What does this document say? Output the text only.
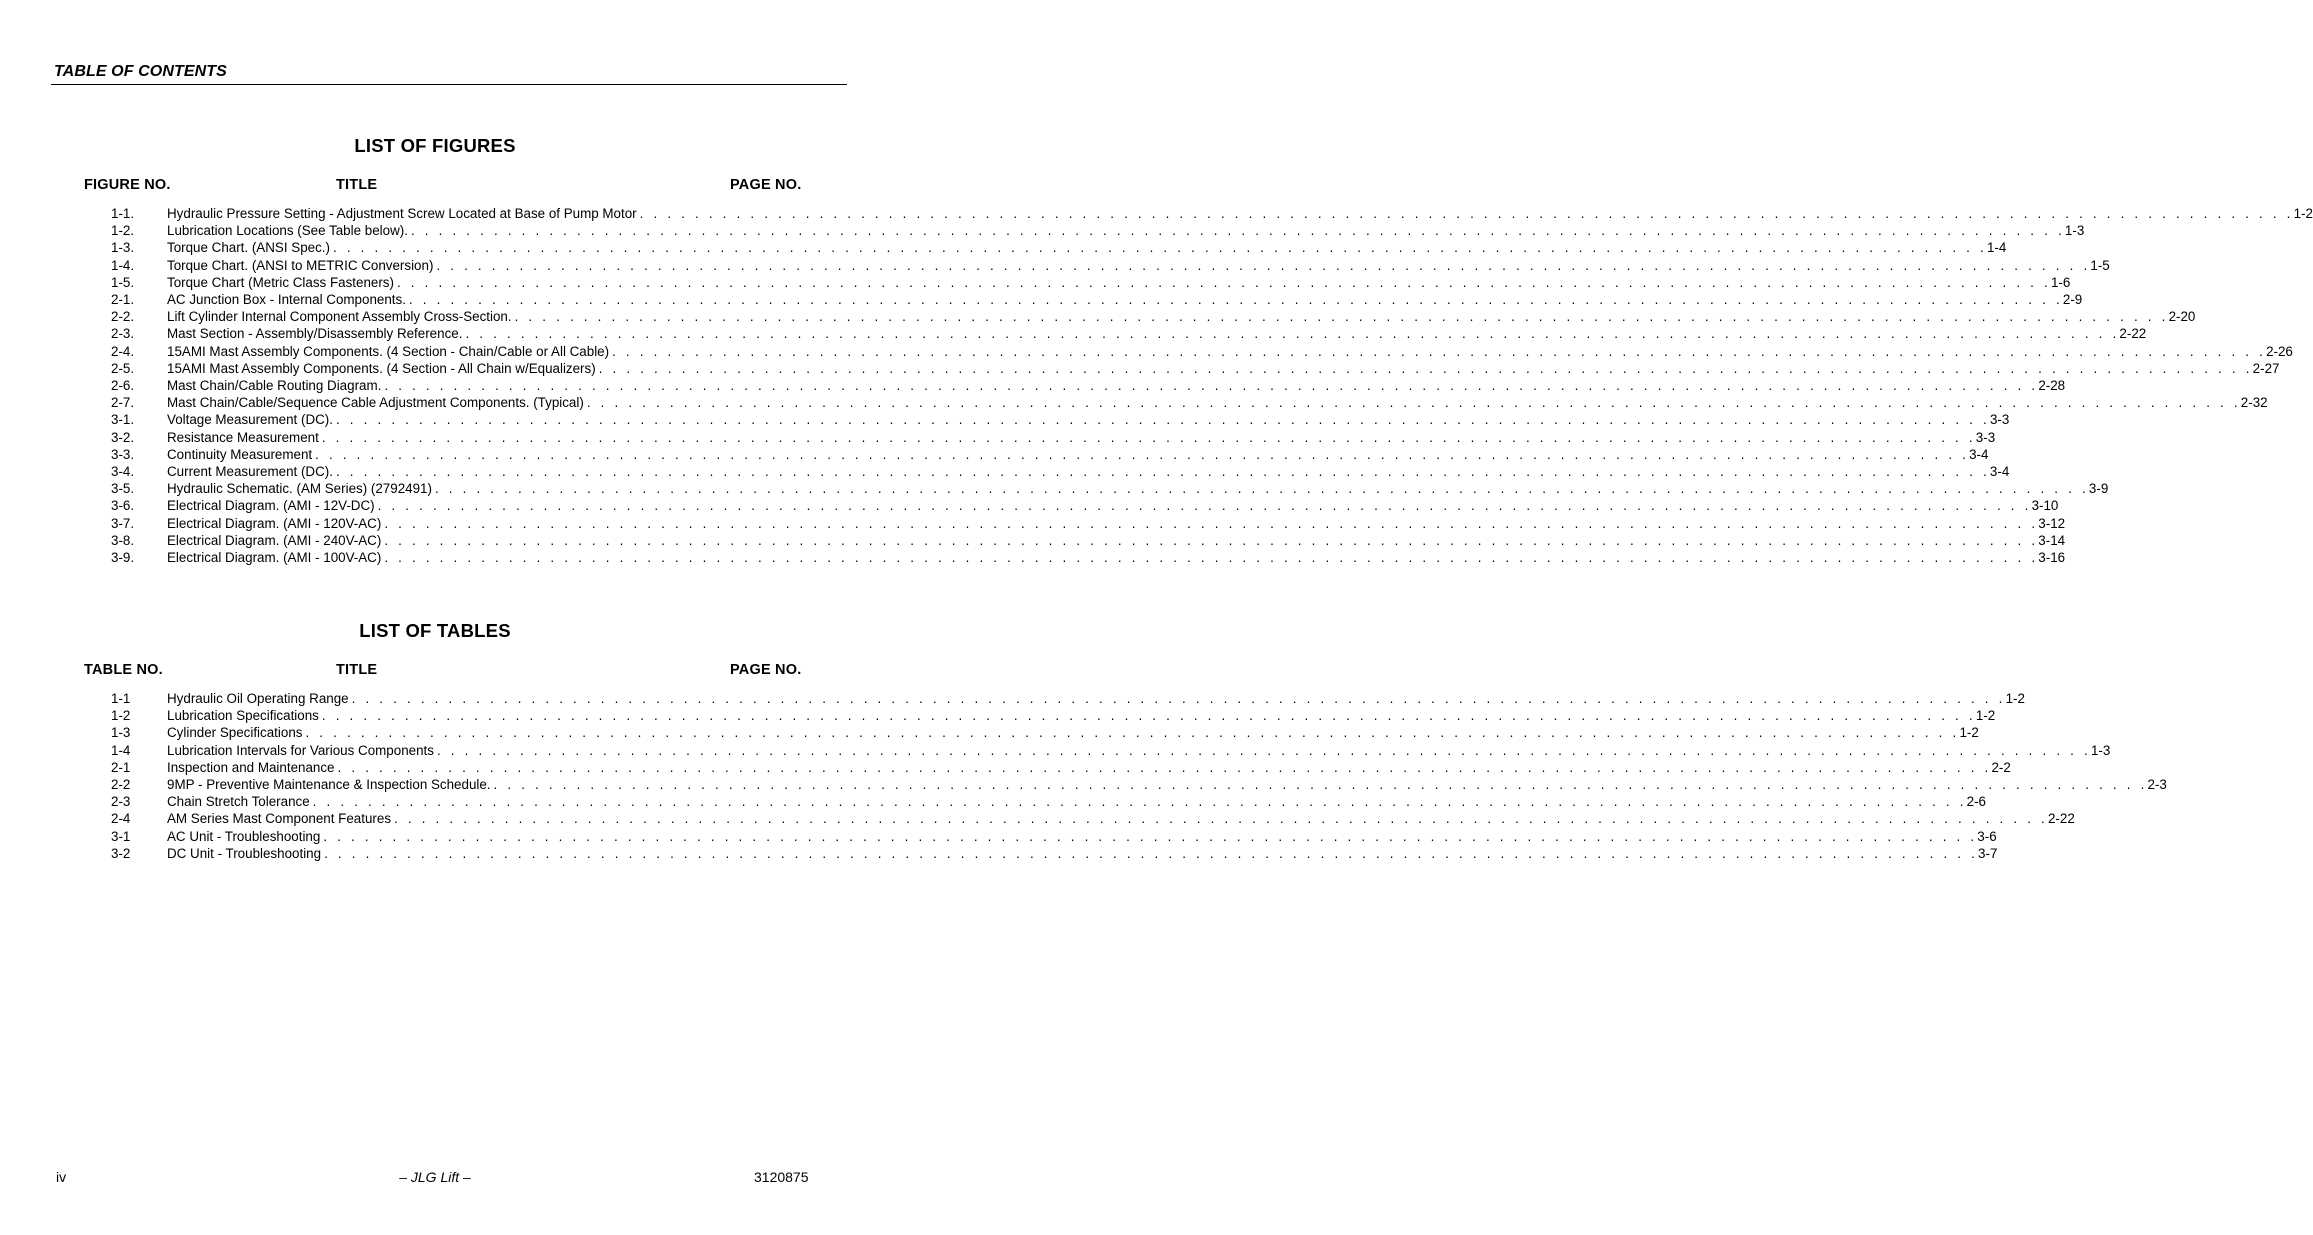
TABLE OF CONTENTS
LIST OF FIGURES
FIGURE NO.	TITLE	PAGE NO.
1-1. Hydraulic Pressure Setting - Adjustment Screw Located at Base of Pump Motor . . . . . . . . . . . . . . . . . . . . . . . . . . . . . . . . . . . . . . . . . . . . . . . . . . . . . . . . . . . . . . . . . . . . . . . . . . . . . . . . . . . . . . . . . . . . . . . . . . . . . . . . . . . . . . . . . . . . . . . . 1-2
1-2. Lubrication Locations (See Table below). . . . . . . . . . . . . . . . . . . . . . . . . . . . . . . . . . . . . . . . . . . . . . . . . . . . . . . . . . . . . . . . . . . . . . . . . . . . . . . . . . . . . . . . . . . . . . . . . . . . . . . . . . . . . . . . . . . . . . . . . 1-3
1-3. Torque Chart. (ANSI Spec.) . . . . . . . . . . . . . . . . . . . . . . . . . . . . . . . . . . . . . . . . . . . . . . . . . . . . . . . . . . . . . . . . . . . . . . . . . . . . . . . . . . . . . . . . . . . . . . . . . . . . . . . . . . . . . . . . . . . . . . . . 1-4
1-4. Torque Chart. (ANSI to METRIC Conversion) . . . . . . . . . . . . . . . . . . . . . . . . . . . . . . . . . . . . . . . . . . . . . . . . . . . . . . . . . . . . . . . . . . . . . . . . . . . . . . . . . . . . . . . . . . . . . . . . . . . . . . . . . . . . . . . . . . . . . . . . 1-5
1-5. Torque Chart (Metric Class Fasteners) . . . . . . . . . . . . . . . . . . . . . . . . . . . . . . . . . . . . . . . . . . . . . . . . . . . . . . . . . . . . . . . . . . . . . . . . . . . . . . . . . . . . . . . . . . . . . . . . . . . . . . . . . . . . . . . . . . . . . . . . 1-6
2-1. AC Junction Box - Internal Components. . . . . . . . . . . . . . . . . . . . . . . . . . . . . . . . . . . . . . . . . . . . . . . . . . . . . . . . . . . . . . . . . . . . . . . . . . . . . . . . . . . . . . . . . . . . . . . . . . . . . . . . . . . . . . . . . . . . . . . . . 2-9
2-2. Lift Cylinder Internal Component Assembly Cross-Section. . . . . . . . . . . . . . . . . . . . . . . . . . . . . . . . . . . . . . . . . . . . . . . . . . . . . . . . . . . . . . . . . . . . . . . . . . . . . . . . . . . . . . . . . . . . . . . . . . . . . . . . . . . . . . . . . . . . . . . . . 2-20
2-3. Mast Section - Assembly/Disassembly Reference. . . . . . . . . . . . . . . . . . . . . . . . . . . . . . . . . . . . . . . . . . . . . . . . . . . . . . . . . . . . . . . . . . . . . . . . . . . . . . . . . . . . . . . . . . . . . . . . . . . . . . . . . . . . . . . . . . . . . . . . . 2-22
2-4. 15AMI Mast Assembly Components. (4 Section - Chain/Cable or All Cable) . . . . . . . . . . . . . . . . . . . . . . . . . . . . . . . . . . . . . . . . . . . . . . . . . . . . . . . . . . . . . . . . . . . . . . . . . . . . . . . . . . . . . . . . . . . . . . . . . . . . . . . . . . . . . . . . . . . . . . . . 2-26
2-5. 15AMI Mast Assembly Components. (4 Section - All Chain w/Equalizers) . . . . . . . . . . . . . . . . . . . . . . . . . . . . . . . . . . . . . . . . . . . . . . . . . . . . . . . . . . . . . . . . . . . . . . . . . . . . . . . . . . . . . . . . . . . . . . . . . . . . . . . . . . . . . . . . . . . . . . . . 2-27
2-6. Mast Chain/Cable Routing Diagram. . . . . . . . . . . . . . . . . . . . . . . . . . . . . . . . . . . . . . . . . . . . . . . . . . . . . . . . . . . . . . . . . . . . . . . . . . . . . . . . . . . . . . . . . . . . . . . . . . . . . . . . . . . . . . . . . . . . . . . . . 2-28
2-7. Mast Chain/Cable/Sequence Cable Adjustment Components. (Typical) . . . . . . . . . . . . . . . . . . . . . . . . . . . . . . . . . . . . . . . . . . . . . . . . . . . . . . . . . . . . . . . . . . . . . . . . . . . . . . . . . . . . . . . . . . . . . . . . . . . . . . . . . . . . . . . . . . . . . . . . 2-32
3-1. Voltage Measurement (DC). . . . . . . . . . . . . . . . . . . . . . . . . . . . . . . . . . . . . . . . . . . . . . . . . . . . . . . . . . . . . . . . . . . . . . . . . . . . . . . . . . . . . . . . . . . . . . . . . . . . . . . . . . . . . . . . . . . . . . . . . 3-3
3-2. Resistance Measurement . . . . . . . . . . . . . . . . . . . . . . . . . . . . . . . . . . . . . . . . . . . . . . . . . . . . . . . . . . . . . . . . . . . . . . . . . . . . . . . . . . . . . . . . . . . . . . . . . . . . . . . . . . . . . . . . . . . . . . . . 3-3
3-3. Continuity Measurement . . . . . . . . . . . . . . . . . . . . . . . . . . . . . . . . . . . . . . . . . . . . . . . . . . . . . . . . . . . . . . . . . . . . . . . . . . . . . . . . . . . . . . . . . . . . . . . . . . . . . . . . . . . . . . . . . . . . . . . . 3-4
3-4. Current Measurement (DC). . . . . . . . . . . . . . . . . . . . . . . . . . . . . . . . . . . . . . . . . . . . . . . . . . . . . . . . . . . . . . . . . . . . . . . . . . . . . . . . . . . . . . . . . . . . . . . . . . . . . . . . . . . . . . . . . . . . . . . . . 3-4
3-5. Hydraulic Schematic. (AM Series) (2792491) . . . . . . . . . . . . . . . . . . . . . . . . . . . . . . . . . . . . . . . . . . . . . . . . . . . . . . . . . . . . . . . . . . . . . . . . . . . . . . . . . . . . . . . . . . . . . . . . . . . . . . . . . . . . . . . . . . . . . . . . 3-9
3-6. Electrical Diagram. (AMI - 12V-DC) . . . . . . . . . . . . . . . . . . . . . . . . . . . . . . . . . . . . . . . . . . . . . . . . . . . . . . . . . . . . . . . . . . . . . . . . . . . . . . . . . . . . . . . . . . . . . . . . . . . . . . . . . . . . . . . . . . . . . . . . 3-10
3-7. Electrical Diagram. (AMI - 120V-AC) . . . . . . . . . . . . . . . . . . . . . . . . . . . . . . . . . . . . . . . . . . . . . . . . . . . . . . . . . . . . . . . . . . . . . . . . . . . . . . . . . . . . . . . . . . . . . . . . . . . . . . . . . . . . . . . . . . . . . . . . 3-12
3-8. Electrical Diagram. (AMI - 240V-AC) . . . . . . . . . . . . . . . . . . . . . . . . . . . . . . . . . . . . . . . . . . . . . . . . . . . . . . . . . . . . . . . . . . . . . . . . . . . . . . . . . . . . . . . . . . . . . . . . . . . . . . . . . . . . . . . . . . . . . . . . 3-14
3-9. Electrical Diagram. (AMI - 100V-AC) . . . . . . . . . . . . . . . . . . . . . . . . . . . . . . . . . . . . . . . . . . . . . . . . . . . . . . . . . . . . . . . . . . . . . . . . . . . . . . . . . . . . . . . . . . . . . . . . . . . . . . . . . . . . . . . . . . . . . . . . 3-16
LIST OF TABLES
TABLE NO.	TITLE	PAGE NO.
1-1	Hydraulic Oil Operating Range . . . . . . . . . . . . . . . . . . . . . . . . . . . . . . . . . . . . . . . . . . . . . . . . . . . . . . . . . . . . . . . . . . . . . . . . . . . . . . . . . . . . . . . . . . . . . . . . . . . . . . . . . . . . . . . . . . . . . . . . 1-2
1-2	Lubrication Specifications . . . . . . . . . . . . . . . . . . . . . . . . . . . . . . . . . . . . . . . . . . . . . . . . . . . . . . . . . . . . . . . . . . . . . . . . . . . . . . . . . . . . . . . . . . . . . . . . . . . . . . . . . . . . . . . . . . . . . . . . 1-2
1-3	Cylinder Specifications . . . . . . . . . . . . . . . . . . . . . . . . . . . . . . . . . . . . . . . . . . . . . . . . . . . . . . . . . . . . . . . . . . . . . . . . . . . . . . . . . . . . . . . . . . . . . . . . . . . . . . . . . . . . . . . . . . . . . . . . 1-2
1-4	Lubrication Intervals for Various Components . . . . . . . . . . . . . . . . . . . . . . . . . . . . . . . . . . . . . . . . . . . . . . . . . . . . . . . . . . . . . . . . . . . . . . . . . . . . . . . . . . . . . . . . . . . . . . . . . . . . . . . . . . . . . . . . . . . . . . . . 1-3
2-1	Inspection and Maintenance . . . . . . . . . . . . . . . . . . . . . . . . . . . . . . . . . . . . . . . . . . . . . . . . . . . . . . . . . . . . . . . . . . . . . . . . . . . . . . . . . . . . . . . . . . . . . . . . . . . . . . . . . . . . . . . . . . . . . . . . 2-2
2-2	9MP - Preventive Maintenance & Inspection Schedule. . . . . . . . . . . . . . . . . . . . . . . . . . . . . . . . . . . . . . . . . . . . . . . . . . . . . . . . . . . . . . . . . . . . . . . . . . . . . . . . . . . . . . . . . . . . . . . . . . . . . . . . . . . . . . . . . . . . . . . . . 2-3
2-3	Chain Stretch Tolerance . . . . . . . . . . . . . . . . . . . . . . . . . . . . . . . . . . . . . . . . . . . . . . . . . . . . . . . . . . . . . . . . . . . . . . . . . . . . . . . . . . . . . . . . . . . . . . . . . . . . . . . . . . . . . . . . . . . . . . . . 2-6
2-4	AM Series Mast Component Features . . . . . . . . . . . . . . . . . . . . . . . . . . . . . . . . . . . . . . . . . . . . . . . . . . . . . . . . . . . . . . . . . . . . . . . . . . . . . . . . . . . . . . . . . . . . . . . . . . . . . . . . . . . . . . . . . . . . . . . . 2-22
3-1	AC Unit - Troubleshooting . . . . . . . . . . . . . . . . . . . . . . . . . . . . . . . . . . . . . . . . . . . . . . . . . . . . . . . . . . . . . . . . . . . . . . . . . . . . . . . . . . . . . . . . . . . . . . . . . . . . . . . . . . . . . . . . . . . . . . . . 3-6
3-2	DC Unit - Troubleshooting . . . . . . . . . . . . . . . . . . . . . . . . . . . . . . . . . . . . . . . . . . . . . . . . . . . . . . . . . . . . . . . . . . . . . . . . . . . . . . . . . . . . . . . . . . . . . . . . . . . . . . . . . . . . . . . . . . . . . . . . 3-7
iv	– JLG Lift –	3120875
